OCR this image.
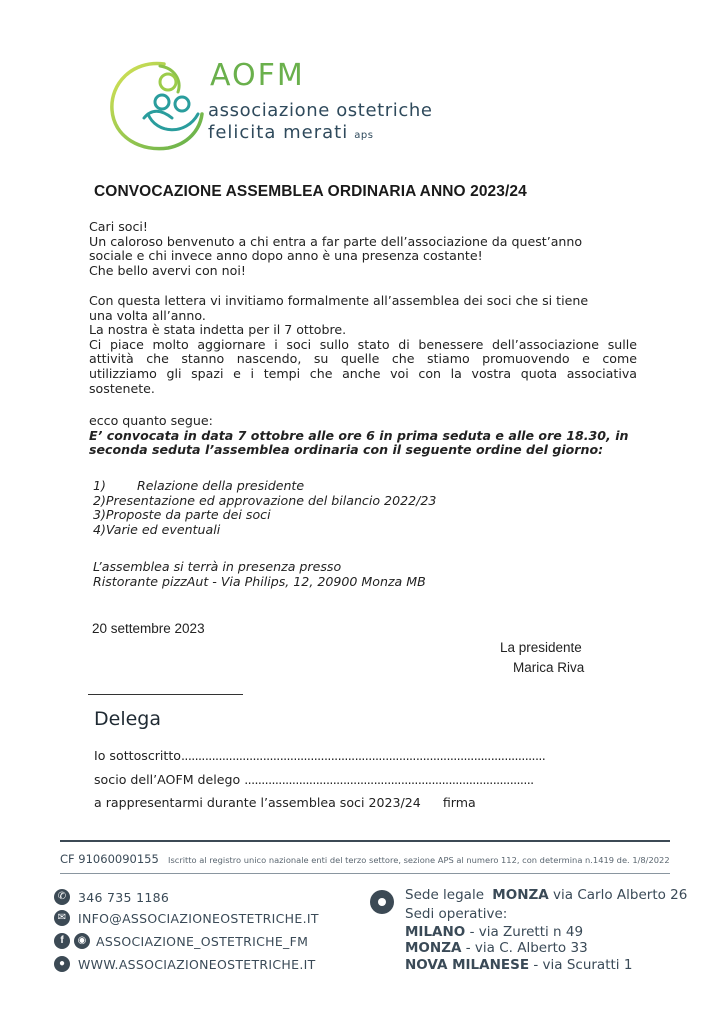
AOFM
associazione ostetriche
felicita merati aps
CONVOCAZIONE ASSEMBLEA ORDINARIA ANNO 2023/24
Cari soci!
Un caloroso benvenuto a chi entra a far parte dell’associazione da quest’anno
sociale e chi invece anno dopo anno è una presenza costante!
Che bello avervi con noi!
Con questa lettera vi invitiamo formalmente all’assemblea dei soci che si tiene
una volta all’anno.
La nostra è stata indetta per il 7 ottobre.
Ci piace molto aggiornare i soci sullo stato di benessere dell’associazione sulle
attività che stanno nascendo, su quelle che stiamo promuovendo e come
utilizziamo gli spazi e i tempi che anche voi con la vostra quota associativa
sostenete.
ecco quanto segue:
E’ convocata in data 7 ottobre alle ore 6 in prima seduta e alle ore 18.30, in
seconda seduta l’assemblea ordinaria con il seguente ordine del giorno:
1) Relazione della presidente
2)Presentazione ed approvazione del bilancio 2022/23
3)Proposte da parte dei soci
4)Varie ed eventuali
L’assemblea si terrà in presenza presso
Ristorante pizzAut - Via Philips, 12, 20900 Monza MB
20 settembre 2023
La presidente
Marica Riva
Delega
Io sottoscritto...........................................................................................................
socio dell’AOFM delego .....................................................................................
a rappresentarmi durante l’assemblea soci 2023/24 firma
CF 91060090155 Iscritto al registro unico nazionale enti del terzo settore, sezione APS al numero 112, con determina n.1419 de. 1/8/2022
✆ 346 735 1186
✉ INFO@ASSOCIAZIONEOSTETRICHE.IT
f	◉ ASSOCIAZIONE_OSTETRICHE_FM
●	WWW.ASSOCIAZIONEOSTETRICHE.IT
Sede legale MONZA via Carlo Alberto 26
Sedi operative:
MILANO - via Zuretti n 49
MONZA - via C. Alberto 33
NOVA MILANESE - via Scuratti 1
